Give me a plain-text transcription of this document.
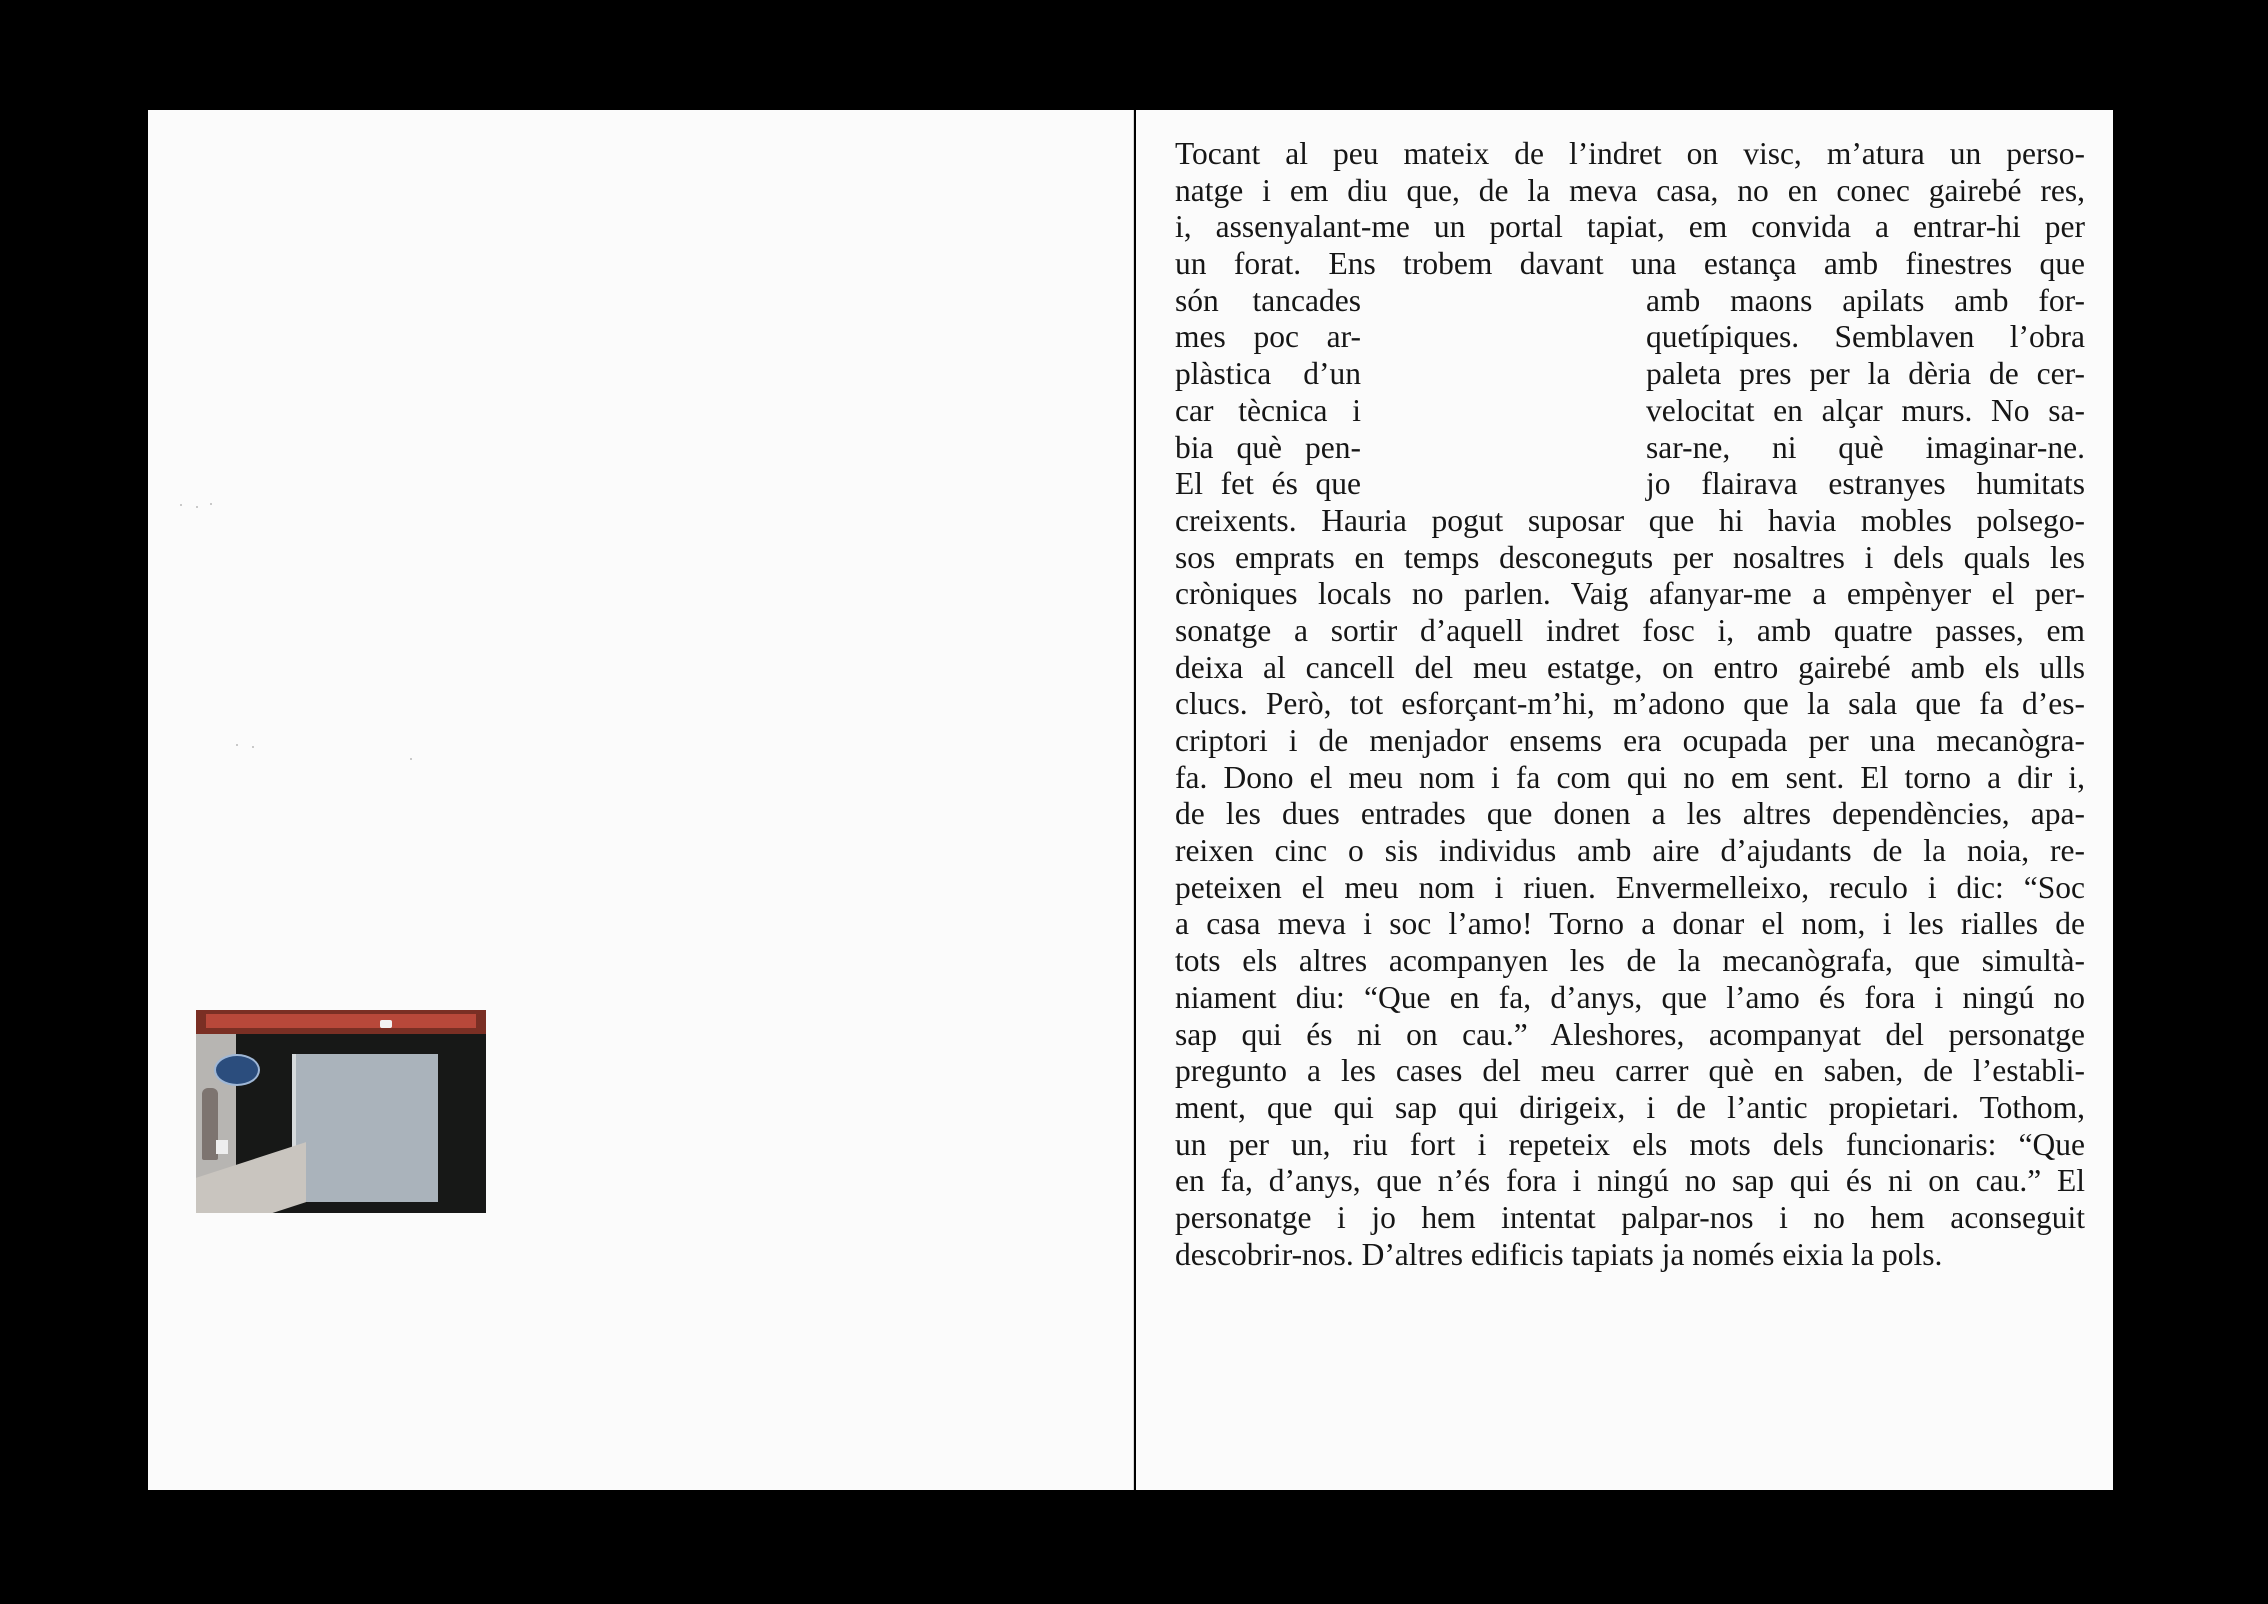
Tocant al peu mateix de l’indret on visc, m’atura un perso-
natge i em diu que, de la meva casa, no en conec gairebé res,
i, assenyalant-me un portal tapiat, em convida a entrar-hi per
un forat. Ens trobem davant una estança amb finestres que
són tancades	amb maons apilats amb for-
mes poc ar-	quetípiques. Semblaven l’obra
plàstica d’un	paleta pres per la dèria de cer-
car tècnica i	velocitat en alçar murs. No sa-
bia què pen-	sar-ne, ni què imaginar-ne.
El fet és que	jo flairava estranyes humitats
creixents. Hauria pogut suposar que hi havia mobles polsego-
sos emprats en temps desconeguts per nosaltres i dels quals les
cròniques locals no parlen. Vaig afanyar-me a empènyer el per-
sonatge a sortir d’aquell indret fosc i, amb quatre passes, em
deixa al cancell del meu estatge, on entro gairebé amb els ulls
clucs. Però, tot esforçant-m’hi, m’adono que la sala que fa d’es-
criptori i de menjador ensems era ocupada per una mecanògra-
fa. Dono el meu nom i fa com qui no em sent. El torno a dir i,
de les dues entrades que donen a les altres dependències, apa-
reixen cinc o sis individus amb aire d’ajudants de la noia, re-
peteixen el meu nom i riuen. Envermelleixo, reculo i dic: “Soc
a casa meva i soc l’amo! Torno a donar el nom, i les rialles de
tots els altres acompanyen les de la mecanògrafa, que simultà-
niament diu: “Que en fa, d’anys, que l’amo és fora i ningú no
sap qui és ni on cau.” Aleshores, acompanyat del personatge
pregunto a les cases del meu carrer què en saben, de l’establi-
ment, que qui sap qui dirigeix, i de l’antic propietari. Tothom,
un per un, riu fort i repeteix els mots dels funcionaris: “Que
en fa, d’anys, que n’és fora i ningú no sap qui és ni on cau.” El
personatge i jo hem intentat palpar-nos i no hem aconseguit
descobrir-nos. D’altres edificis tapiats ja només eixia la pols.
